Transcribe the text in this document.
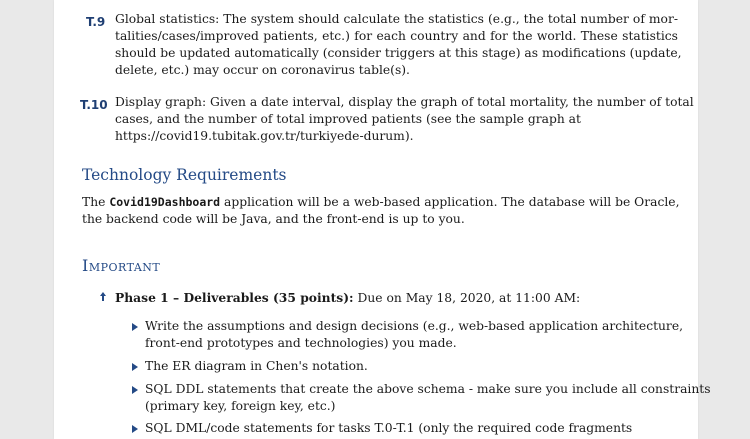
T.9 Global statistics: The system should calculate the statistics (e.g., the total number of mor-
talities/cases/improved patients, etc.) for each country and for the world. These statistics
should be updated automatically (consider triggers at this stage) as modifications (update,
delete, etc.) may occur on coronavirus table(s).
T.10 Display graph: Given a date interval, display the graph of total mortality, the number of total
cases, and the number of total improved patients (see the sample graph at
https://covid19.tubitak.gov.tr/turkiyede-durum).
Technology Requirements
The Covid19Dashboard application will be a web-based application. The database will be Oracle,
the backend code will be Java, and the front-end is up to you.
Important
Phase 1 – Deliverables (35 points): Due on May 18, 2020, at 11:00 AM:
Write the assumptions and design decisions (e.g., web-based application architecture,
front-end prototypes and technologies) you made.
The ER diagram in Chen's notation.
SQL DDL statements that create the above schema - make sure you include all constraints
(primary key, foreign key, etc.)
SQL DML/code statements for tasks T.0-T.1 (only the required code fragments
